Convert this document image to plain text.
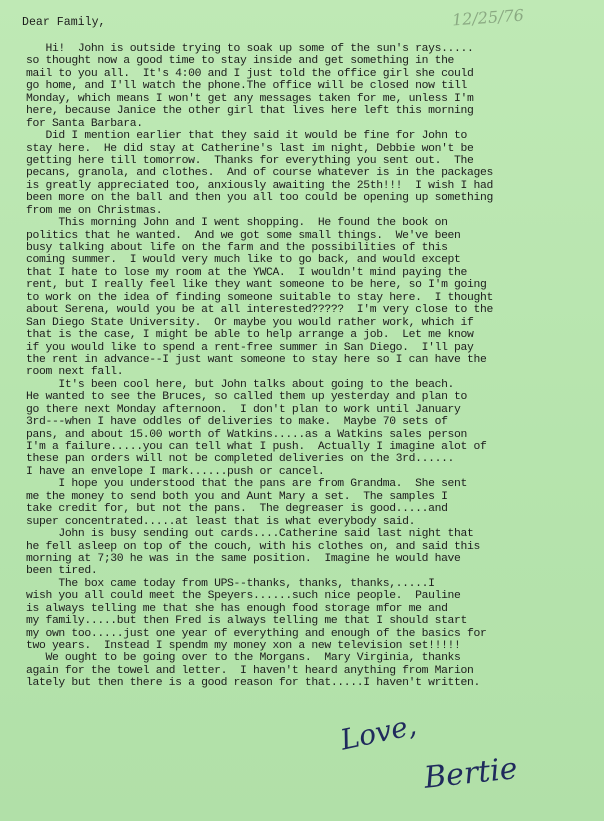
12/25/76
Dear Family,
Hi!  John is outside trying to soak up some of the sun's rays.....
so thought now a good time to stay inside and get something in the
mail to you all.  It's 4:00 and I just told the office girl she could
go home, and I'll watch the phone.The office will be closed now till
Monday, which means I won't get any messages taken for me, unless I'm
here, because Janice the other girl that lives here left this morning
for Santa Barbara.
Did I mention earlier that they said it would be fine for John to
stay here.  He did stay at Catherine's last im night, Debbie won't be
getting here till tomorrow.  Thanks for everything you sent out.  The
pecans, granola, and clothes.  And of course whatever is in the packages
is greatly appreciated too, anxiously awaiting the 25th!!!  I wish I had
been more on the ball and then you all too could be opening up something
from me on Christmas.
This morning John and I went shopping.  He found the book on
politics that he wanted.  And we got some small things.  We've been
busy talking about life on the farm and the possibilities of this
coming summer.  I would very much like to go back, and would except
that I hate to lose my room at the YWCA.  I wouldn't mind paying the
rent, but I really feel like they want someone to be here, so I'm going
to work on the idea of finding someone suitable to stay here.  I thought
about Serena, would you be at all interested?????  I'm very close to the
San Diego State University.  Or maybe you would rather work, which if
that is the case, I might be able to help arrange a job.  Let me know
if you would like to spend a rent-free summer in San Diego.  I'll pay
the rent in advance--I just want someone to stay here so I can have the
room next fall.
It's been cool here, but John talks about going to the beach.
He wanted to see the Bruces, so called them up yesterday and plan to
go there next Monday afternoon.  I don't plan to work until January
3rd---when I have oddles of deliveries to make.  Maybe 70 sets of
pans, and about 15.00 worth of Watkins.....as a Watkins sales person
I'm a failure.....you can tell what I push.  Actually I imagine alot of
these pan orders will not be completed deliveries on the 3rd......
I have an envelope I mark......push or cancel.
I hope you understood that the pans are from Grandma.  She sent
me the money to send both you and Aunt Mary a set.  The samples I
take credit for, but not the pans.  The degreaser is good.....and
super concentrated.....at least that is what everybody said.
John is busy sending out cards....Catherine said last night that
he fell asleep on top of the couch, with his clothes on, and said this
morning at 7;30 he was in the same position.  Imagine he would have
been tired.
The box came today from UPS--thanks, thanks, thanks,.....I
wish you all could meet the Speyers......such nice people.  Pauline
is always telling me that she has enough food storage mfor me and
my family.....but then Fred is always telling me that I should start
my own too.....just one year of everything and enough of the basics for
two years.  Instead I spendm my money xon a new television set!!!!!
We ought to be going over to the Morgans.  Mary Virginia, thanks
again for the towel and letter.  I haven't heard anything from Marion
lately but then there is a good reason for that.....I haven't written.
Love,
Bertie
